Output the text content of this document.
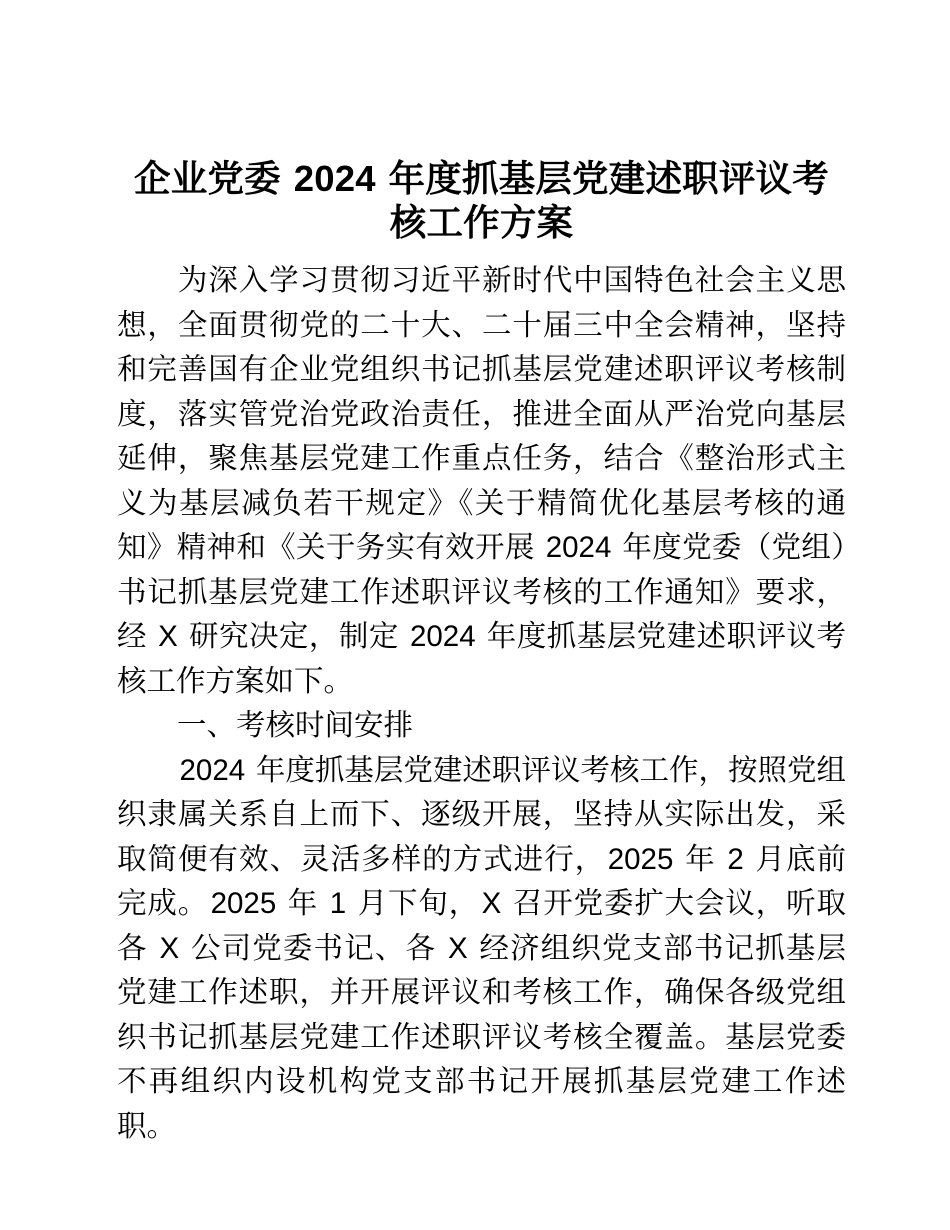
企业党委 2024 年度抓基层党建述职评议考核工作方案

为深入学习贯彻习近平新时代中国特色社会主义思想，全面贯彻党的二十大、二十届三中全会精神，坚持和完善国有企业党组织书记抓基层党建述职评议考核制度，落实管党治党政治责任，推进全面从严治党向基层延伸，聚焦基层党建工作重点任务，结合《整治形式主义为基层减负若干规定》《关于精简优化基层考核的通知》精神和《关于务实有效开展 2024 年度党委（党组）书记抓基层党建工作述职评议考核的工作通知》要求，经 X 研究决定，制定 2024 年度抓基层党建述职评议考核工作方案如下。

一、考核时间安排

2024 年度抓基层党建述职评议考核工作，按照党组织隶属关系自上而下、逐级开展，坚持从实际出发，采取简便有效、灵活多样的方式进行，2025 年 2 月底前完成。2025 年 1 月下旬，X 召开党委扩大会议，听取各 X 公司党委书记、各 X 经济组织党支部书记抓基层党建工作述职，并开展评议和考核工作，确保各级党组织书记抓基层党建工作述职评议考核全覆盖。基层党委不再组织内设机构党支部书记开展抓基层党建工作述职。
